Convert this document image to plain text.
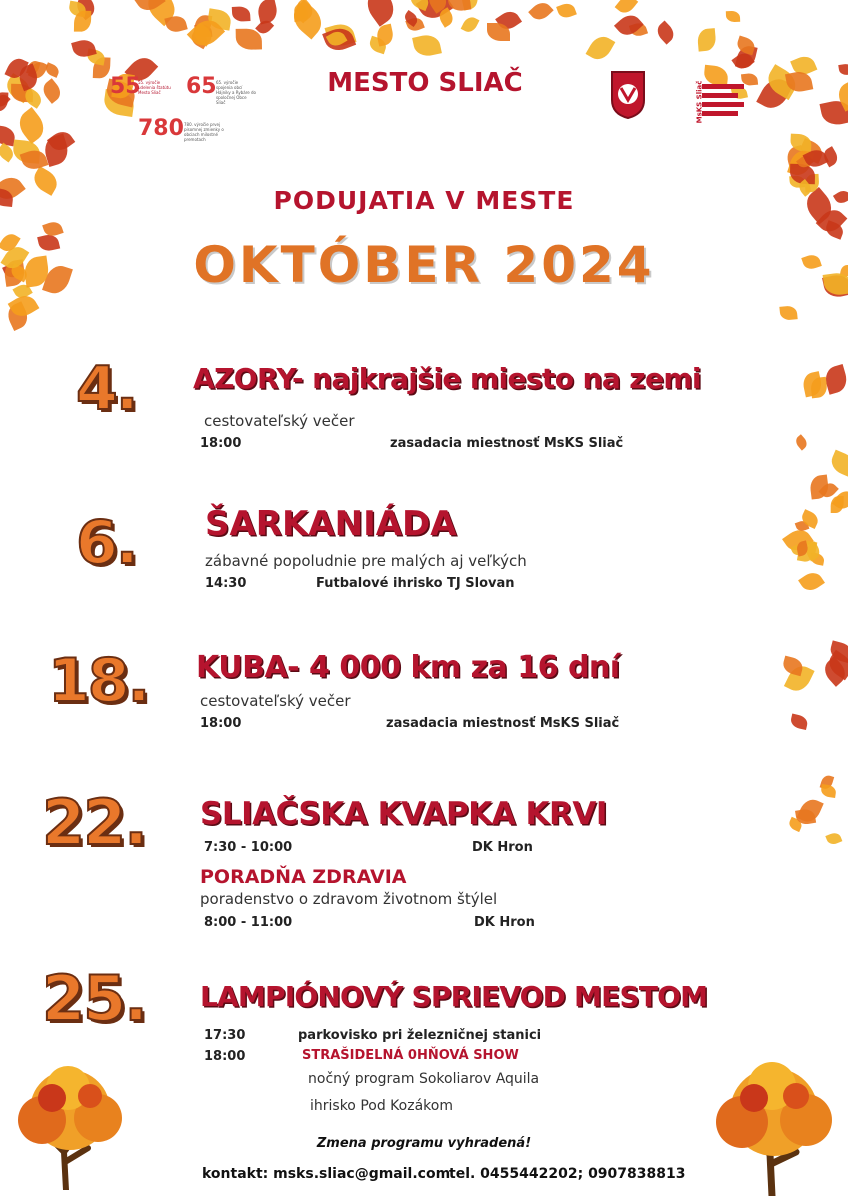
55
55. výročie udelenia štatútu Mesto Sliač	65 65. výročie spojenia obcí Hájniky a Rybáre do spoločnej Obce Sliač
780 780. výročie prvej písomnej zmienky o obciach milostné premotach
MESTO SLIAČ	MsKS Sliač
PODUJATIA V MESTE
OKTÓBER 2024
4. AZORY- najkrajšie miesto na zemi
cestovateľský večer
18:00	zasadacia miestnosť MsKS Sliač
6. ŠARKANIÁDA
zábavné popoludnie pre malých aj veľkých
14:30	Futbalové ihrisko TJ Slovan
18. KUBA- 4 000 km za 16 dní
cestovateľský večer
18:00	zasadacia miestnosť MsKS Sliač
22. SLIAČSKA KVAPKA KRVI
7:30 - 10:00	DK Hron
PORADŇA ZDRAVIA
poradenstvo o zdravom životnom štýlel
8:00 - 11:00	DK Hron
25. LAMPIÓNOVÝ SPRIEVOD MESTOM
17:30	parkovisko pri železničnej stanici
18:00	STRAŠIDELNÁ 0HŇOVÁ SHOW
nočný program Sokoliarov Aquila
ihrisko Pod Kozákom
Zmena programu vyhradená!
kontakt: msks.sliac@gmail.com
tel. 0455442202; 0907838813
